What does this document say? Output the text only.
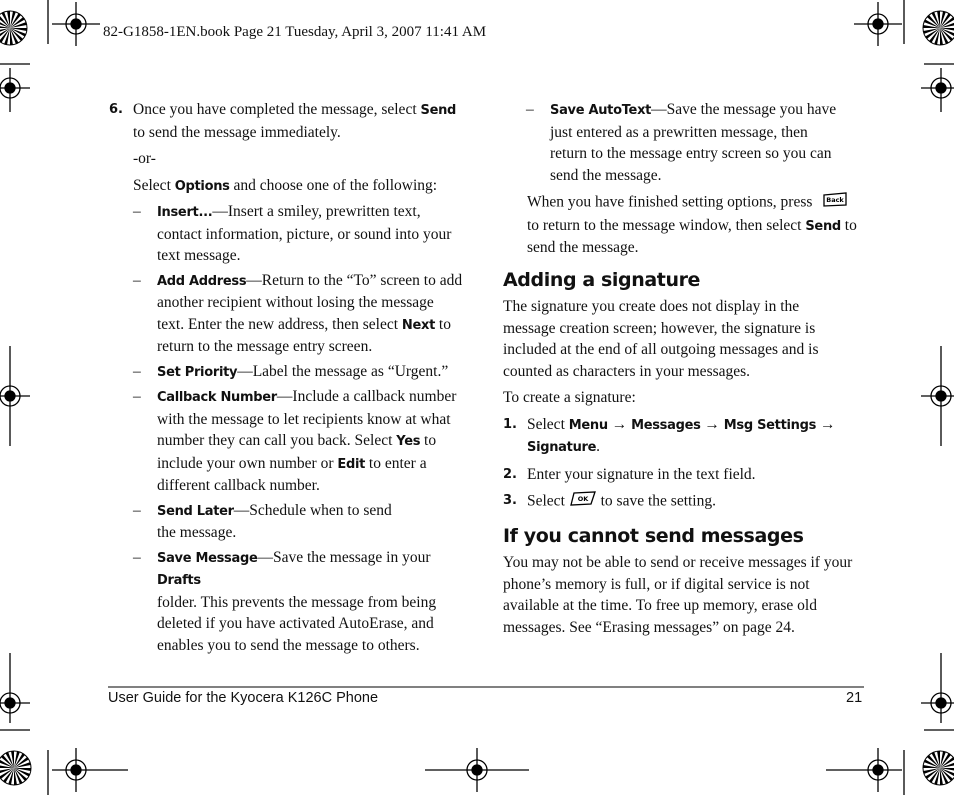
82-G1858-1EN.book Page 21 Tuesday, April 3, 2007 11:41 AM
6. Once you have completed the message, select Send

to send the message immediately.

-or-

Select Options and choose one of the following:

– Insert...—Insert a smiley, prewritten text,

contact information, picture, or sound into your

text message.

– Add Address—Return to the “To” screen to add

another recipient without losing the message

text. Enter the new address, then select Next to

return to the message entry screen.

– Set Priority—Label the message as “Urgent.”

– Callback Number—Include a callback number

with the message to let recipients know at what

number they can call you back. Select Yes to

include your own number or Edit to enter a

different callback number.

– Send Later—Schedule when to send

the message.

– Save Message—Save the message in your Drafts

folder. This prevents the message from being

deleted if you have activated AutoErase, and

enables you to send the message to others.

– Save AutoText—Save the message you have

just entered as a prewritten message, then

return to the message entry screen so you can

send the message.

When you have finished setting options, press Back

to return to the message window, then select Send to

send the message.

Adding a signature

The signature you create does not display in the

message creation screen; however, the signature is

included at the end of all outgoing messages and is

counted as characters in your messages.

To create a signature:

1. Select Menu → Messages → Msg Settings →

Signature.

2. Enter your signature in the text field.

3. Select OK to save the setting.

If you cannot send messages

You may not be able to send or receive messages if your

phone’s memory is full, or if digital service is not

available at the time. To free up memory, erase old

messages. See “Erasing messages” on page 24.

User Guide for the Kyocera K126C Phone	21
